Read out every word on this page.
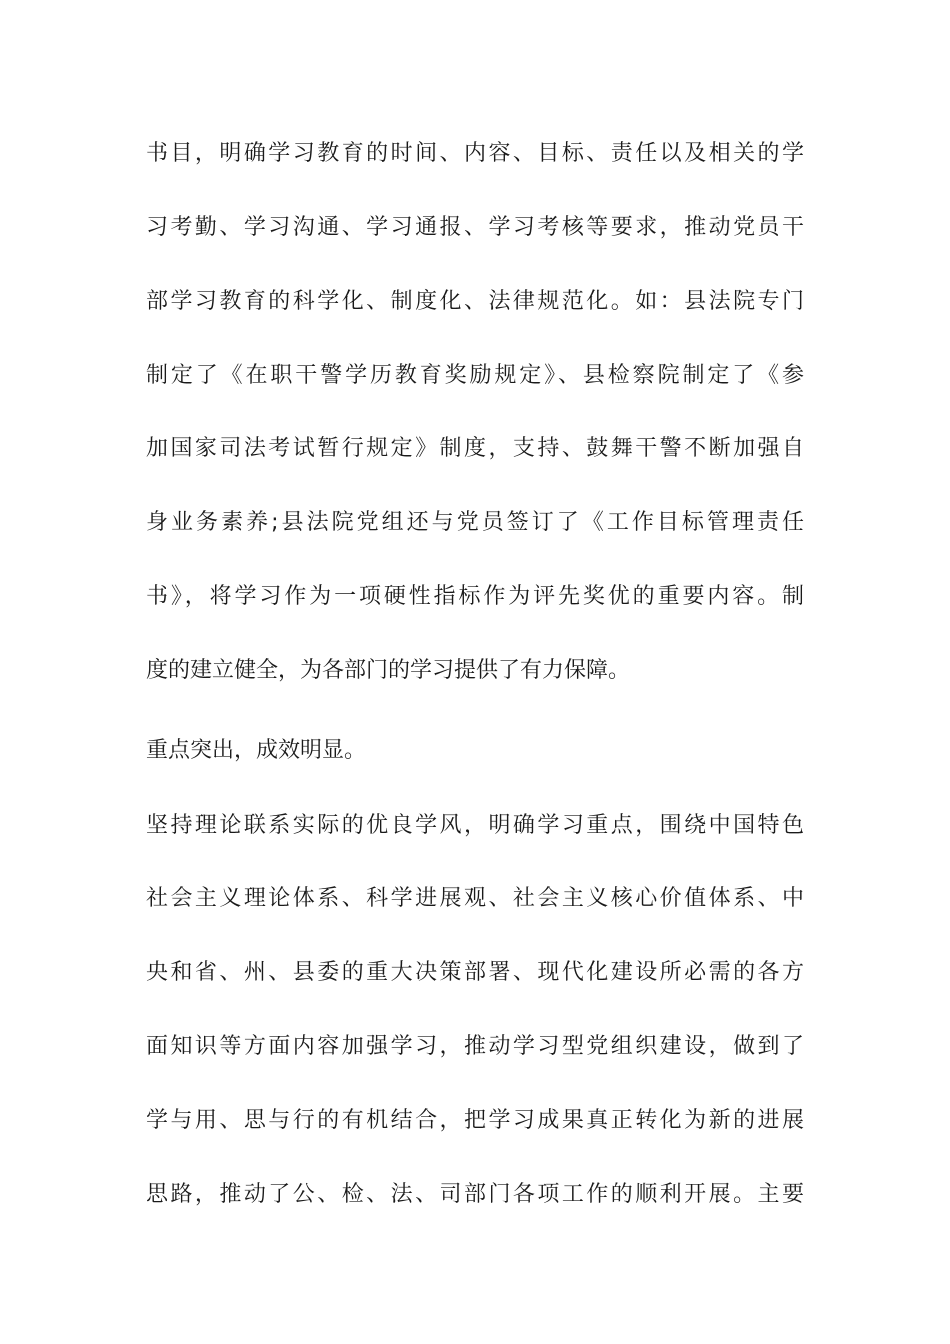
书目，明确学习教育的时间、内容、目标、责任以及相关的学
习考勤、学习沟通、学习通报、学习考核等要求，推动党员干
部学习教育的科学化、制度化、法律规范化。如：县法院专门
制定了《在职干警学历教育奖励规定》、县检察院制定了《参
加国家司法考试暂行规定》制度，支持、鼓舞干警不断加强自
身业务素养;县法院党组还与党员签订了《工作目标管理责任
书》，将学习作为一项硬性指标作为评先奖优的重要内容。制
度的建立健全，为各部门的学习提供了有力保障。
重点突出，成效明显。
坚持理论联系实际的优良学风，明确学习重点，围绕中国特色
社会主义理论体系、科学进展观、社会主义核心价值体系、中
央和省、州、县委的重大决策部署、现代化建设所必需的各方
面知识等方面内容加强学习，推动学习型党组织建设，做到了
学与用、思与行的有机结合，把学习成果真正转化为新的进展
思路，推动了公、检、法、司部门各项工作的顺利开展。主要
